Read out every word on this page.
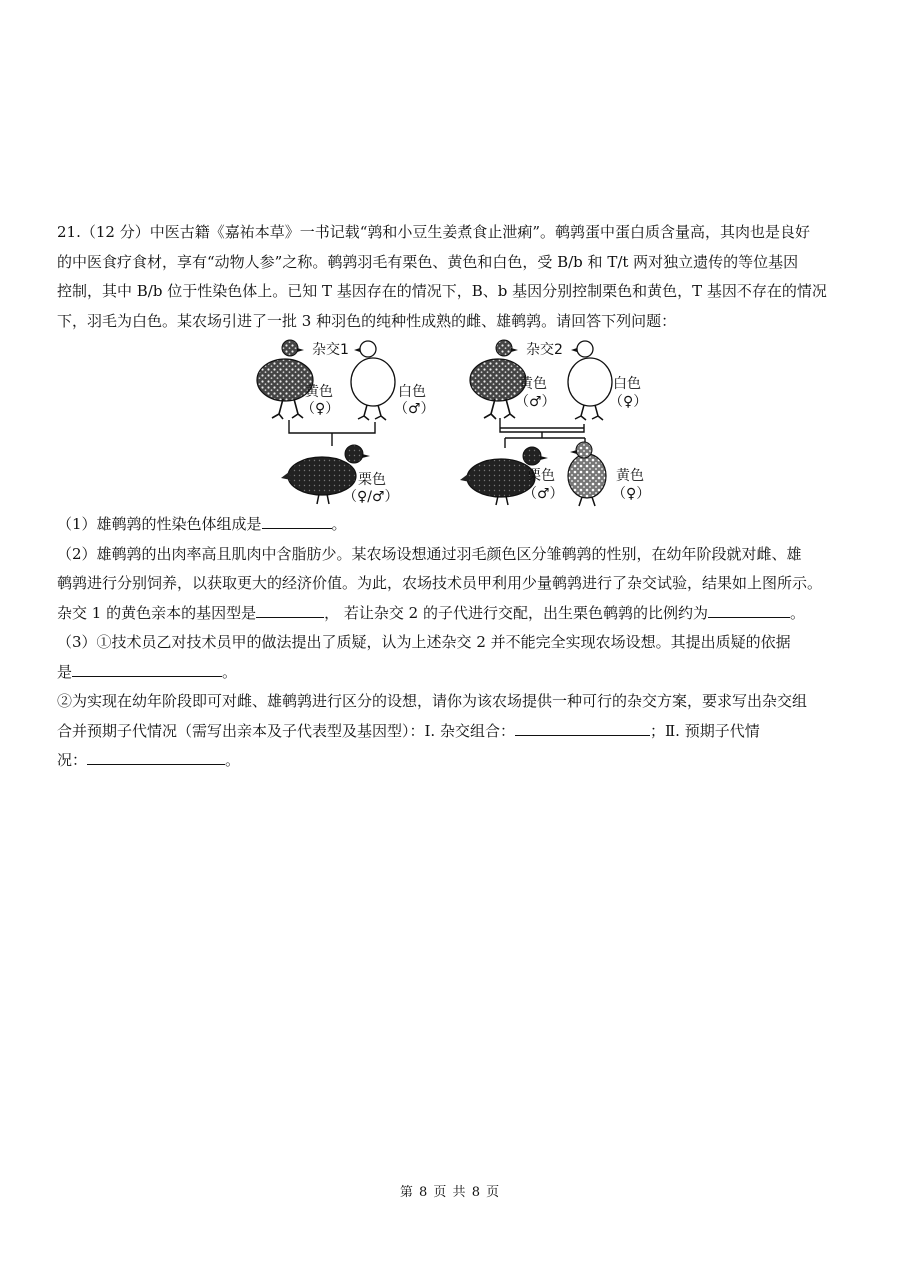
21.（12 分）中医古籍《嘉祐本草》一书记载“鹑和小豆生姜煮食止泄痢”。鹌鹑蛋中蛋白质含量高，其肉也是良好

的中医食疗食材，享有“动物人参”之称。鹌鹑羽毛有栗色、黄色和白色，受 B/b 和 T/t 两对独立遗传的等位基因

控制，其中 B/b 位于性染色体上。已知 T 基因存在的情况下，B、b 基因分别控制栗色和黄色，T 基因不存在的情况

下，羽毛为白色。某农场引进了一批 3 种羽色的纯种性成熟的雌、雄鹌鹑。请回答下列问题：

杂交1
黄色
（♀）
白色
（♂）
栗色
（♀/♂）
杂交2
黄色
（♂）
白色
（♀）
栗色
（♂）
黄色
（♀）

（1）雄鹌鹑的性染色体组成是	。

（2）雄鹌鹑的出肉率高且肌肉中含脂肪少。某农场设想通过羽毛颜色区分雏鹌鹑的性别，在幼年阶段就对雌、雄

鹌鹑进行分别饲养，以获取更大的经济价值。为此，农场技术员甲利用少量鹌鹑进行了杂交试验，结果如上图所示。

杂交 1 的黄色亲本的基因型是	， 若让杂交 2 的子代进行交配，出生栗色鹌鹑的比例约为	。

（3）①技术员乙对技术员甲的做法提出了质疑，认为上述杂交 2 并不能完全实现农场设想。其提出质疑的依据

是	。

②为实现在幼年阶段即可对雌、雄鹌鹑进行区分的设想，请你为该农场提供一种可行的杂交方案，要求写出杂交组

合并预期子代情况（需写出亲本及子代表型及基因型）：Ⅰ. 杂交组合：	；Ⅱ. 预期子代情

况：	。

第 8 页 共 8 页
